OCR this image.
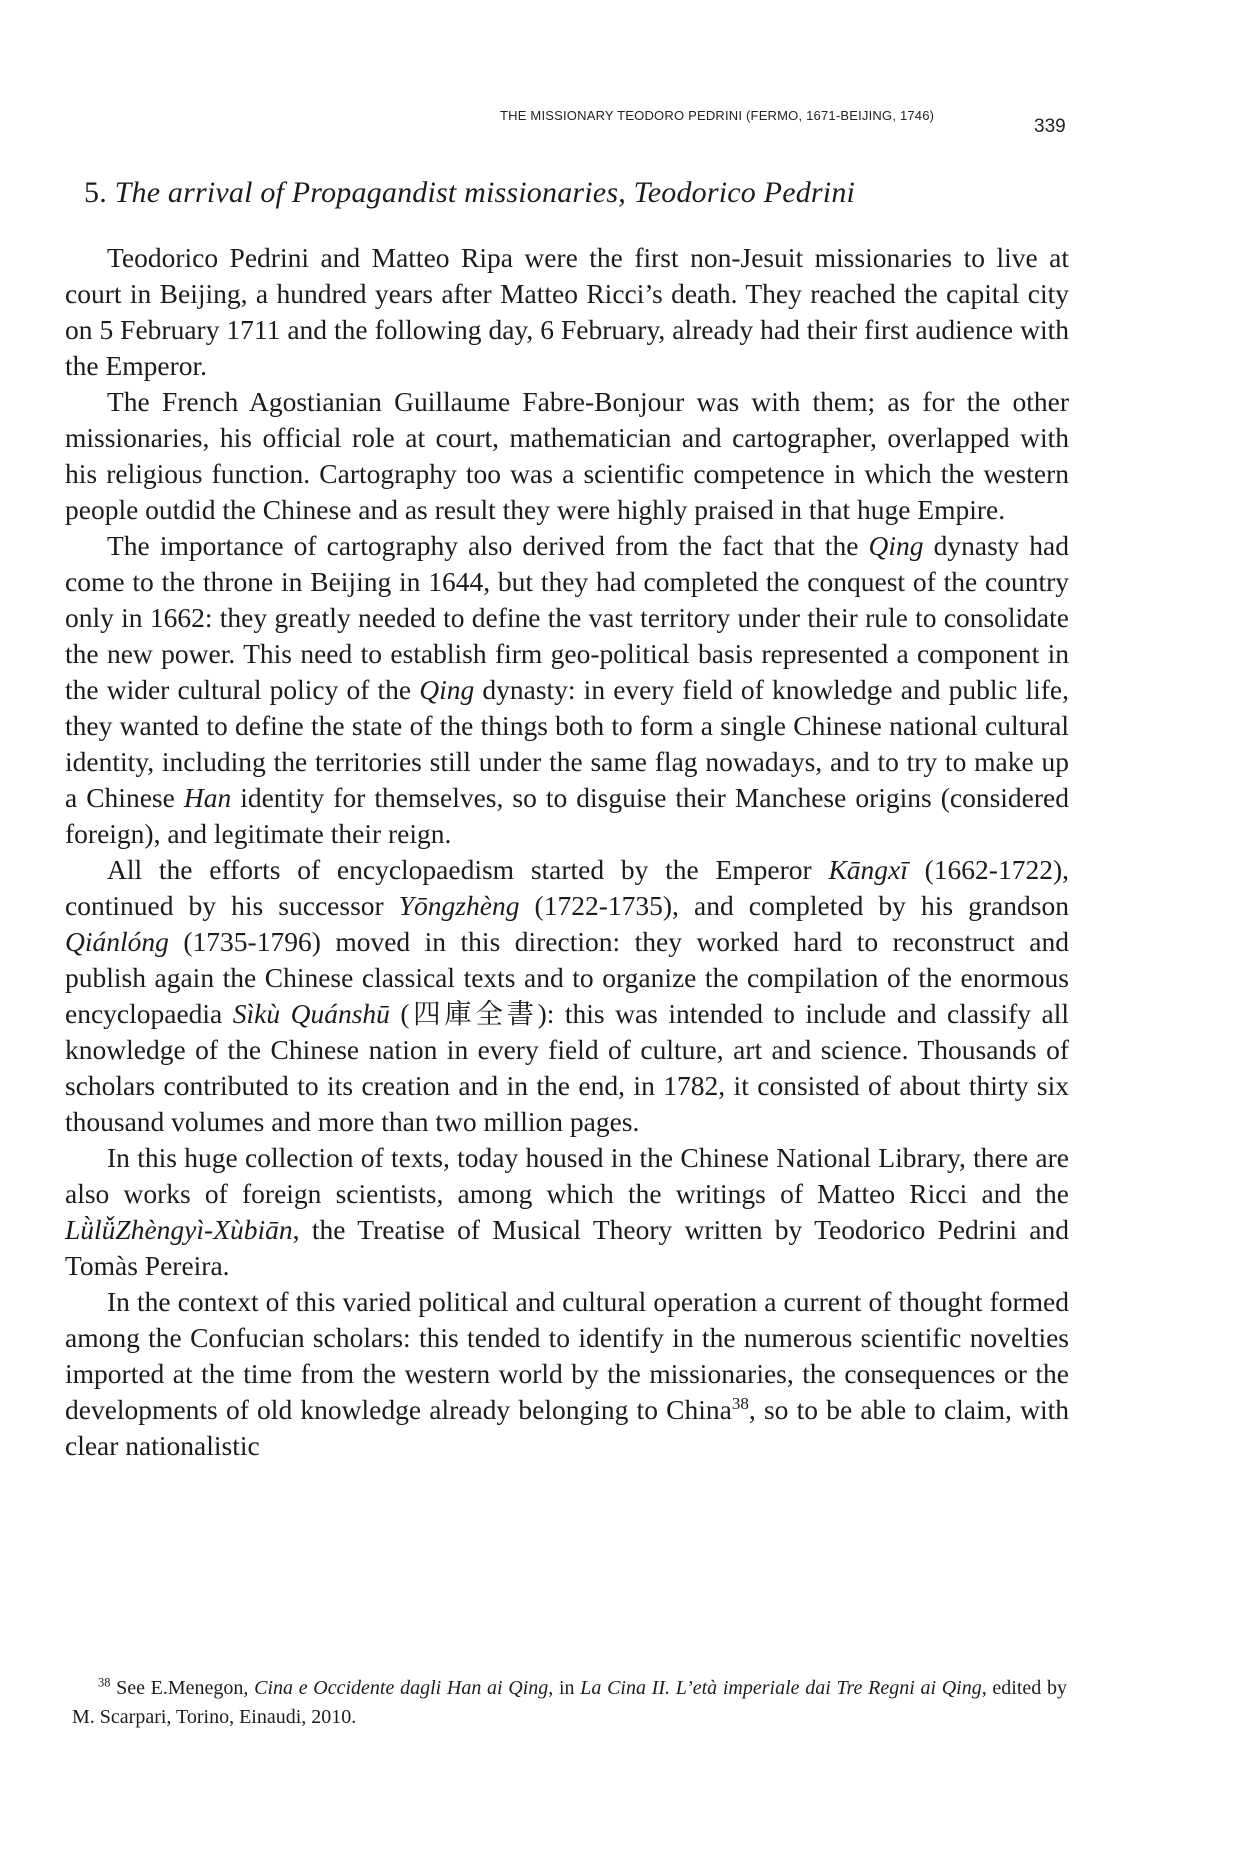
THE MISSIONARY TEODORO PEDRINI (FERMO, 1671-BEIJING, 1746)
339
5. The arrival of Propagandist missionaries, Teodorico Pedrini

Teodorico Pedrini and Matteo Ripa were the first non-Jesuit missionaries to live at court in Beijing, a hundred years after Matteo Ricci’s death. They reached the capital city on 5 February 1711 and the following day, 6 February, already had their first audience with the Emperor.

The French Agostianian Guillaume Fabre-Bonjour was with them; as for the other missionaries, his official role at court, mathematician and cartographer, overlapped with his religious function. Cartography too was a scientific competence in which the western people outdid the Chinese and as result they were highly praised in that huge Empire.

The importance of cartography also derived from the fact that the Qing dynasty had come to the throne in Beijing in 1644, but they had completed the conquest of the country only in 1662: they greatly needed to define the vast territory under their rule to consolidate the new power. This need to establish firm geo-political basis represented a component in the wider cultural policy of the Qing dynasty: in every field of knowledge and public life, they wanted to define the state of the things both to form a single Chinese national cultural identity, including the territories still under the same flag nowadays, and to try to make up a Chinese Han identity for themselves, so to disguise their Manchese origins (considered foreign), and legitimate their reign.

All the efforts of encyclopaedism started by the Emperor Kāngxī (1662-1722), continued by his successor Yōngzhèng (1722-1735), and completed by his grandson Qiánlóng (1735-1796) moved in this direction: they worked hard to reconstruct and publish again the Chinese classical texts and to organize the compilation of the enormous encyclopaedia Sìkù Quánshū (四庫全書): this was intended to include and classify all knowledge of the Chinese nation in every field of culture, art and science. Thousands of scholars contributed to its creation and in the end, in 1782, it consisted of about thirty six thousand volumes and more than two million pages.

In this huge collection of texts, today housed in the Chinese National Library, there are also works of foreign scientists, among which the writings of Matteo Ricci and the LǜlǚZhèngyì-Xùbiān, the Treatise of Musical Theory written by Teodorico Pedrini and Tomàs Pereira.

In the context of this varied political and cultural operation a current of thought formed among the Confucian scholars: this tended to identify in the numerous scientific novelties imported at the time from the western world by the missionaries, the consequences or the developments of old knowledge already belonging to China$^{38}$, so to be able to claim, with clear nationalistic

$^{38}$ See E.Menegon, Cina e Occidente dagli Han ai Qing, in La Cina II. L’età imperiale dai Tre Regni ai Qing, edited by M. Scarpari, Torino, Einaudi, 2010.
